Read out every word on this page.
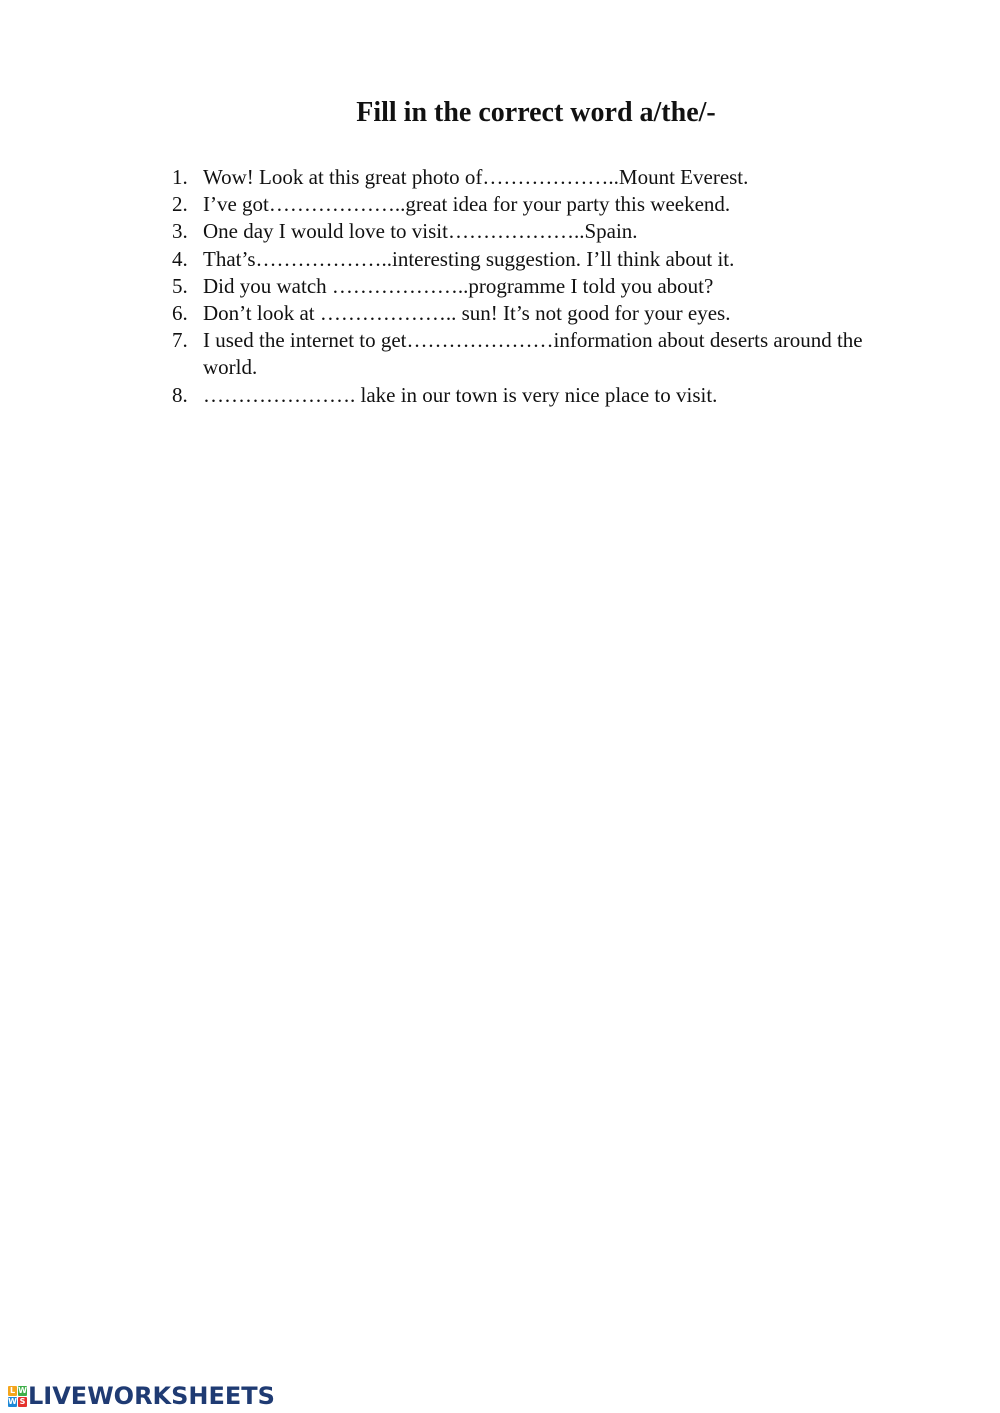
Fill in the correct word a/the/-
1. Wow! Look at this great photo of………………..Mount Everest.
2. I’ve got………………..great idea for your party this weekend.
3. One day I would love to visit………………..Spain.
4. That’s………………..interesting suggestion. I’ll think about it.
5. Did you watch ………………..programme I told you about?
6. Don’t look at ……………….. sun! It’s not good for your eyes.
7. I used the internet to get…………………information about deserts around the world.
8. …………………. lake in our town is very nice place to visit.
L W
W S LIVEWORKSHEETS
